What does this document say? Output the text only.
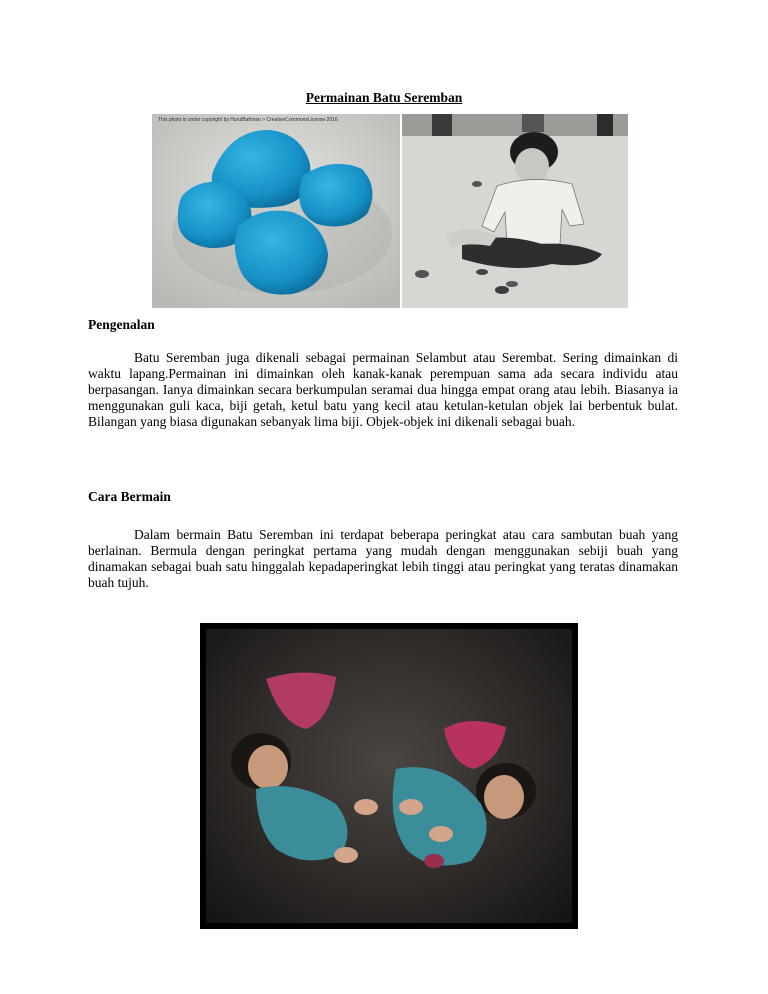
Permainan Batu Seremban
This photo is under copyright by HurulBahman > CreativeCommonsLicense 2016
Pengenalan

Batu Seremban juga dikenali sebagai permainan Selambut atau Serembat. Sering dimainkan di waktu lapang.Permainan ini dimainkan oleh kanak-kanak perempuan sama ada secara individu atau berpasangan. Ianya dimainkan secara berkumpulan seramai dua hingga empat orang atau lebih. Biasanya ia menggunakan guli kaca, biji getah, ketul batu yang kecil atau ketulan-ketulan objek lai berbentuk bulat. Bilangan yang biasa digunakan sebanyak lima biji. Objek-objek ini dikenali sebagai buah.

Cara Bermain

Dalam bermain Batu Seremban ini terdapat beberapa peringkat atau cara sambutan buah yang berlainan. Bermula dengan peringkat pertama yang mudah dengan menggunakan sebiji buah yang dinamakan sebagai buah satu hinggalah kepadaperingkat lebih tinggi atau peringkat yang teratas dinamakan buah tujuh.
